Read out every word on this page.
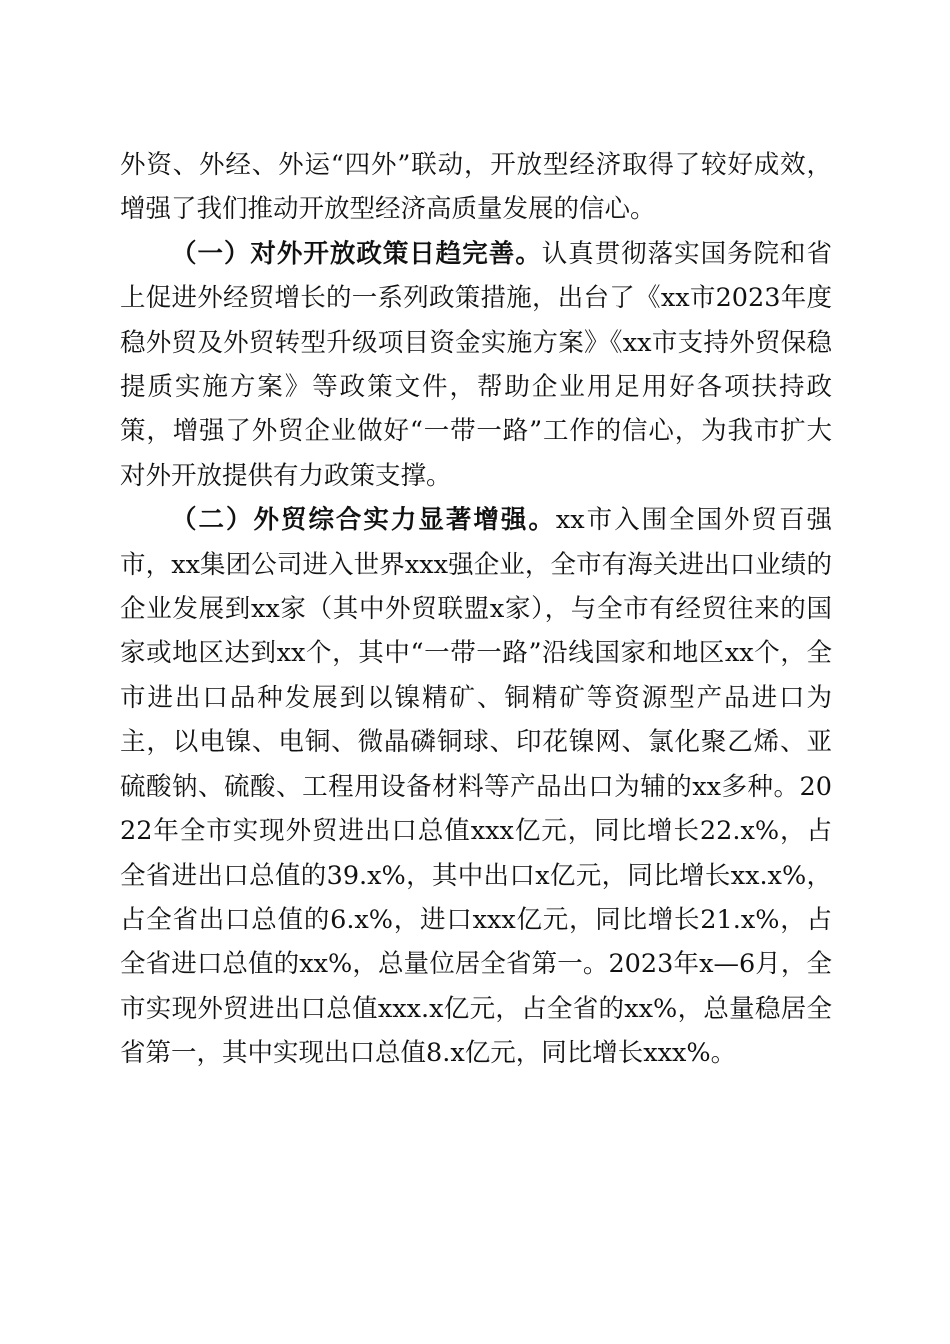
外资、外经、外运“四外”联动，开放型经济取得了较好成效，增强了我们推动开放型经济高质量发展的信心。

（一）对外开放政策日趋完善。认真贯彻落实国务院和省上促进外经贸增长的一系列政策措施，出台了《xx市2023年度稳外贸及外贸转型升级项目资金实施方案》《xx市支持外贸保稳提质实施方案》等政策文件，帮助企业用足用好各项扶持政策，增强了外贸企业做好“一带一路”工作的信心，为我市扩大对外开放提供有力政策支撑。

（二）外贸综合实力显著增强。xx市入围全国外贸百强市，xx集团公司进入世界xxx强企业，全市有海关进出口业绩的企业发展到xx家（其中外贸联盟x家），与全市有经贸往来的国家或地区达到xx个，其中“一带一路”沿线国家和地区xx个，全市进出口品种发展到以镍精矿、铜精矿等资源型产品进口为主，以电镍、电铜、微晶磷铜球、印花镍网、氯化聚乙烯、亚硫酸钠、硫酸、工程用设备材料等产品出口为辅的xx多种。2022年全市实现外贸进出口总值xxx亿元，同比增长22.x%，占全省进出口总值的39.x%，其中出口x亿元，同比增长xx.x%，占全省出口总值的6.x%，进口xxx亿元，同比增长21.x%，占全省进口总值的xx%，总量位居全省第一。2023年x—6月，全市实现外贸进出口总值xxx.x亿元，占全省的xx%，总量稳居全省第一，其中实现出口总值8.x亿元，同比增长xxx%。
